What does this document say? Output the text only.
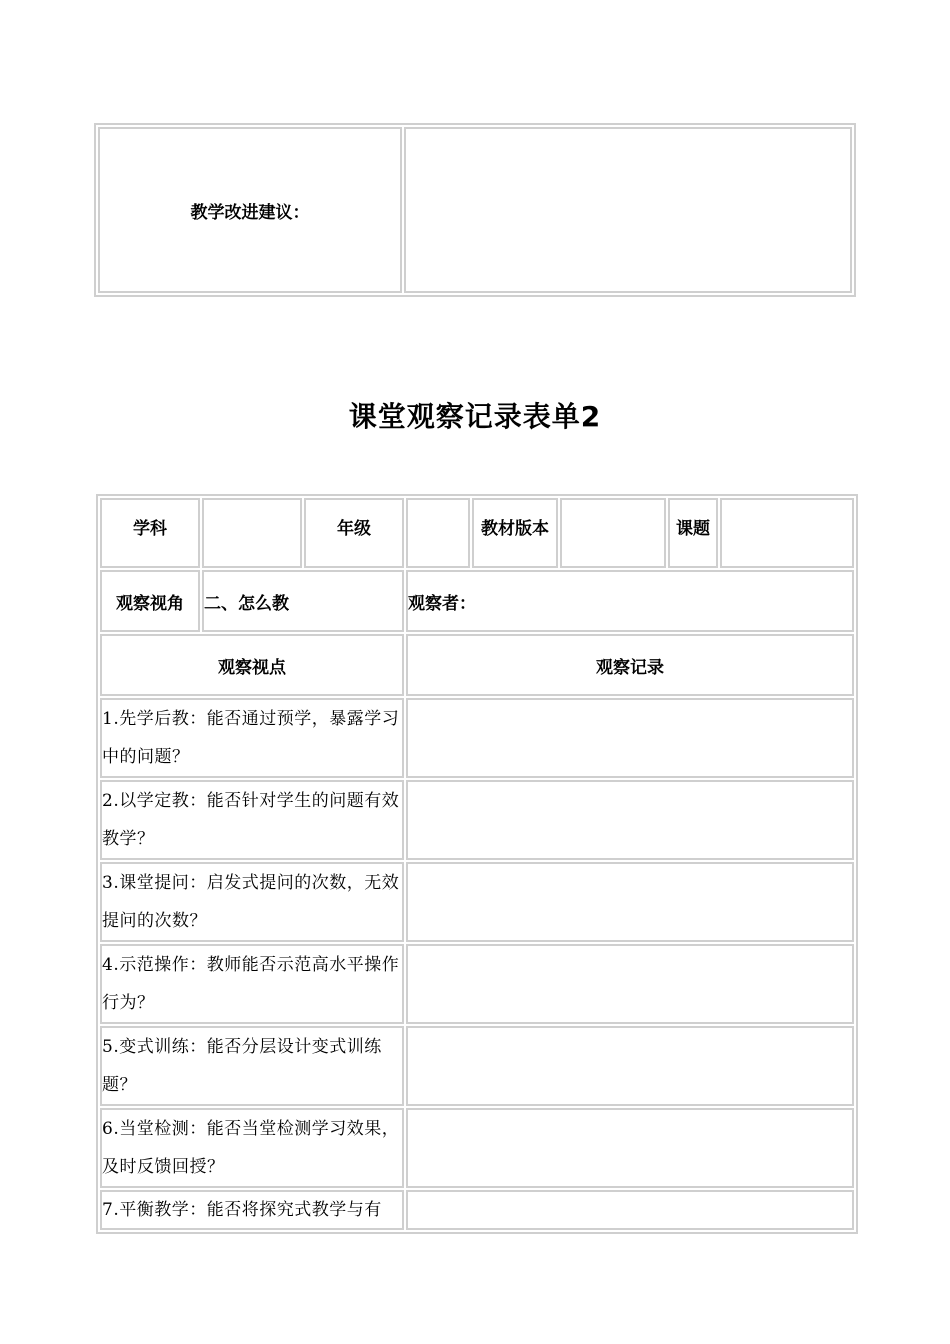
教学改进建议：	
课堂观察记录表单2
学科		年级		教材版本		课题	
观察视角	二、怎么教		观察者：				
观察视点			观察记录				
1.先学后教：能否通过预学，暴露学习中的问题？							
2.以学定教：能否针对学生的问题有效教学？							
3.课堂提问：启发式提问的次数，无效提问的次数？							
4.示范操作：教师能否示范高水平操作行为？							
5.变式训练：能否分层设计变式训练题？							
6.当堂检测：能否当堂检测学习效果，及时反馈回授？							
7.平衡教学：能否将探究式教学与有							
